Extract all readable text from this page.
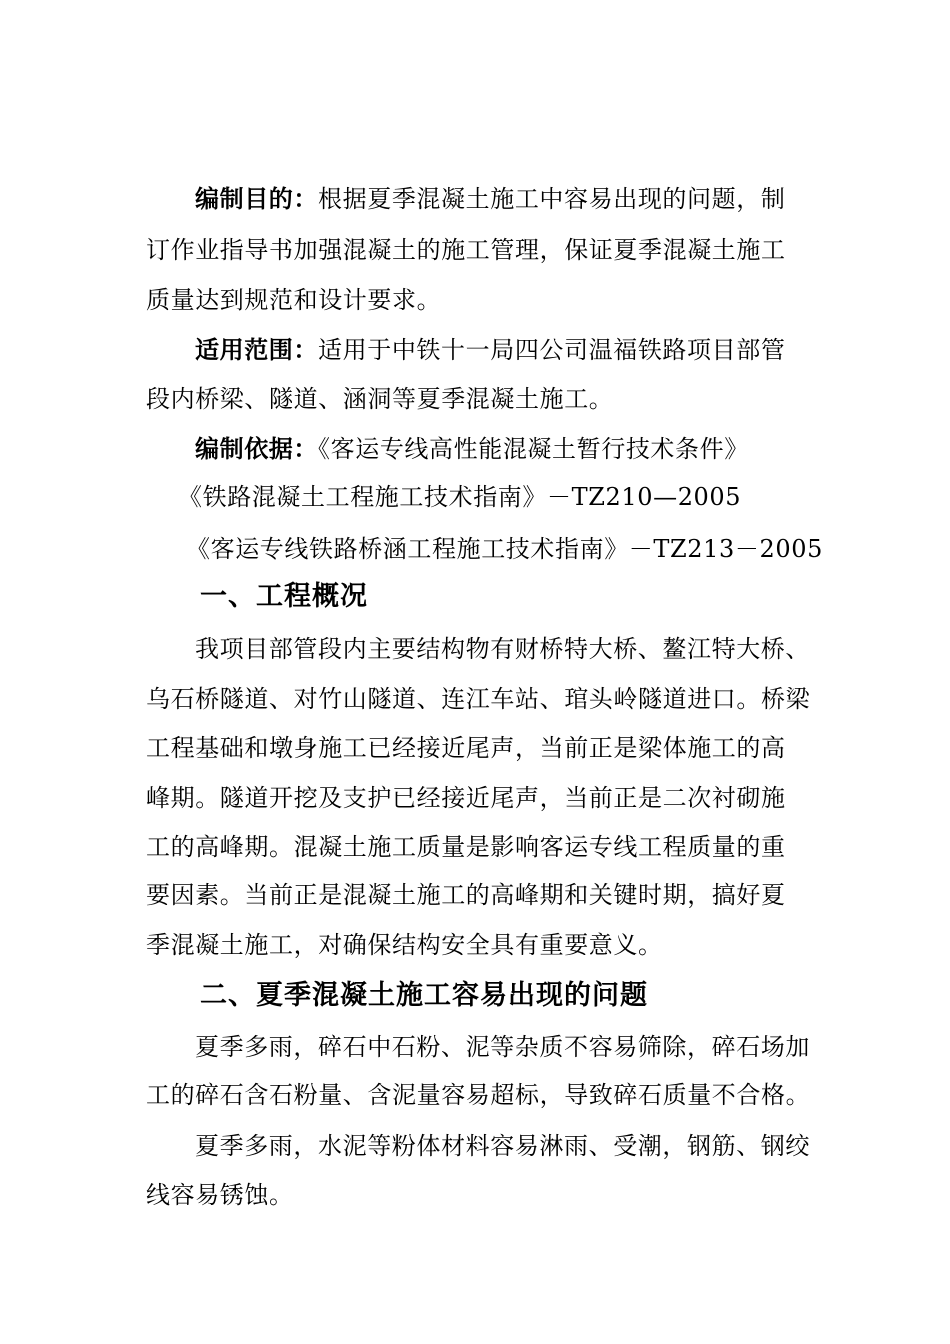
编制目的：根据夏季混凝土施工中容易出现的问题，制
订作业指导书加强混凝土的施工管理，保证夏季混凝土施工
质量达到规范和设计要求。
适用范围：适用于中铁十一局四公司温福铁路项目部管
段内桥梁、隧道、涵洞等夏季混凝土施工。
编制依据：《客运专线高性能混凝土暂行技术条件》
《铁路混凝土工程施工技术指南》－TZ210—2005
《客运专线铁路桥涵工程施工技术指南》－TZ213－2005
一、工程概况
我项目部管段内主要结构物有财桥特大桥、鳌江特大桥、
乌石桥隧道、对竹山隧道、连江车站、琯头岭隧道进口。桥梁
工程基础和墩身施工已经接近尾声，当前正是梁体施工的高
峰期。隧道开挖及支护已经接近尾声，当前正是二次衬砌施
工的高峰期。混凝土施工质量是影响客运专线工程质量的重
要因素。当前正是混凝土施工的高峰期和关键时期，搞好夏
季混凝土施工，对确保结构安全具有重要意义。
二、夏季混凝土施工容易出现的问题
夏季多雨，碎石中石粉、泥等杂质不容易筛除，碎石场加
工的碎石含石粉量、含泥量容易超标，导致碎石质量不合格。
夏季多雨，水泥等粉体材料容易淋雨、受潮，钢筋、钢绞
线容易锈蚀。
